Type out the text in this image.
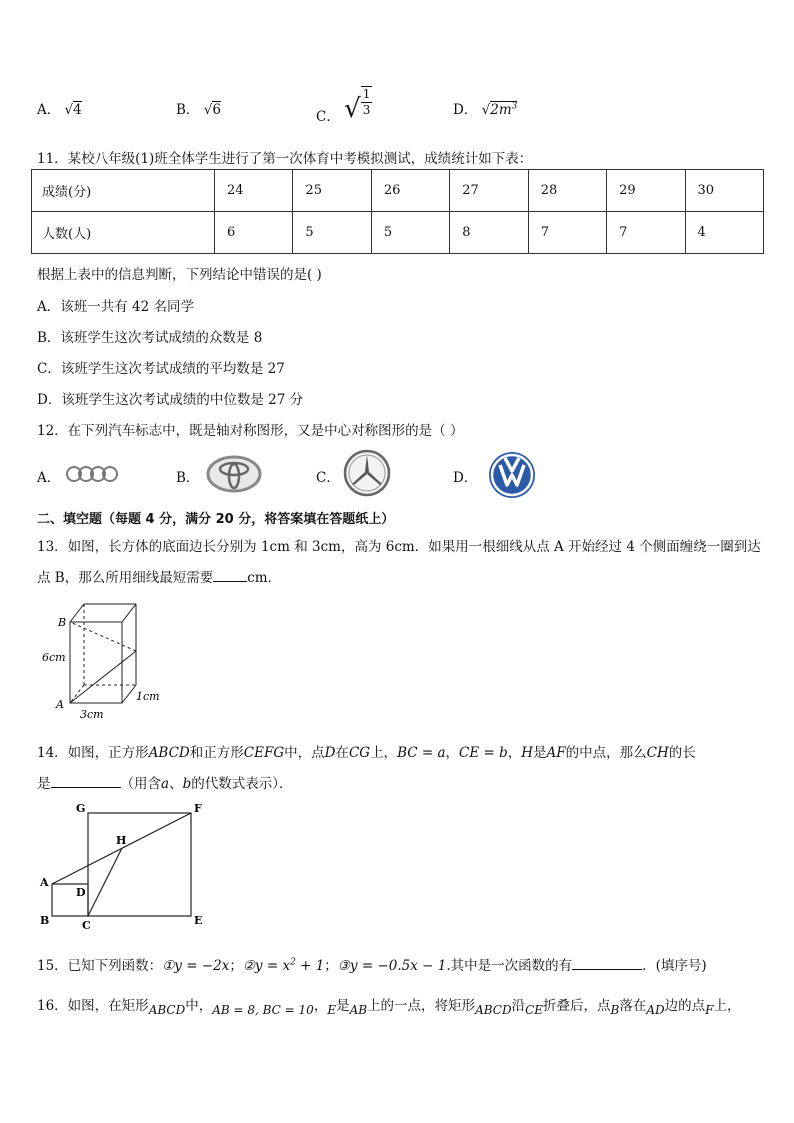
A． √4	B． √6	C． √ $\frac{1}{3}$	D． $√2m^3$
11．某校八年级(1)班全体学生进行了第一次体育中考模拟测试，成绩统计如下表：
成绩(分)	24	25	26	27	28	29	30
人数(人)	6	5	5	8	7	7	4
根据上表中的信息判断，下列结论中错误的是( )
A．该班一共有 42 名同学
B．该班学生这次考试成绩的众数是 8
C．该班学生这次考试成绩的平均数是 27
D．该班学生这次考试成绩的中位数是 27 分
12．在下列汽车标志中，既是轴对称图形，又是中心对称图形的是（ ）
A．	B．	C．	D．
二、填空题（每题 4 分，满分 20 分，将答案填在答题纸上）
13．如图，长方体的底面边长分别为 1cm 和 3cm，高为 6cm．如果用一根细线从点 A 开始经过 4 个侧面缠绕一圈到达
点 B，那么所用细线最短需要	cm．
B
A
6cm
3cm
1cm
14．如图，正方形ABCD和正方形CEFG中，点D在CG上，BC = a，CE = b，H是AF的中点，那么CH的长
是	（用含a、b的代数式表示）．
G	F
H
A
D
B	C	E
15．已知下列函数：①y = −2x；②y = $x^2 + 1$；③y = −0.5x − 1.其中是一次函数的有	．(填序号)
16．如图，在矩形ABCD中，AB = 8, BC = 10，E是AB上的一点，将矩形ABCD沿CE折叠后，点B落在AD边的点F上，
